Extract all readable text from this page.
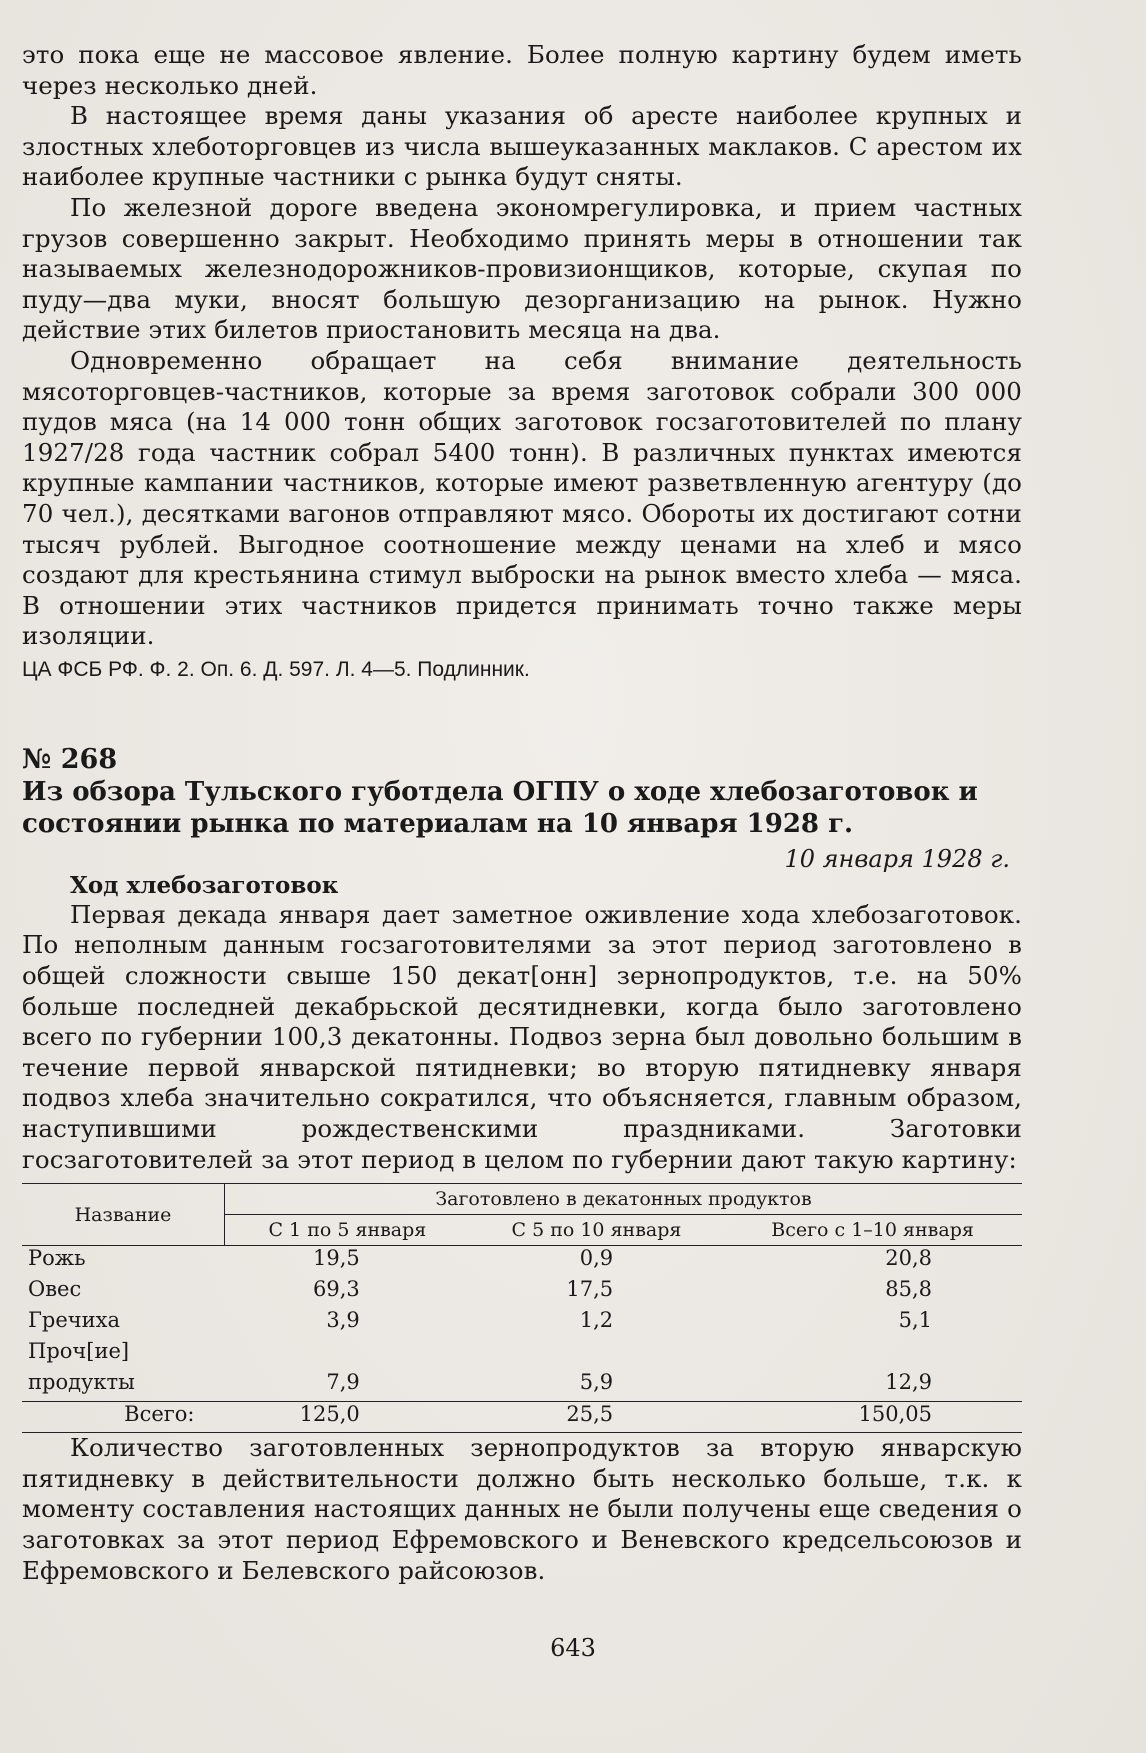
это пока еще не массовое явление. Более полную картину будем иметь через несколько дней.

В настоящее время даны указания об аресте наиболее крупных и злостных хлеботорговцев из числа вышеуказанных маклаков. С арестом их наиболее крупные частники с рынка будут сняты.

По железной дороге введена экономрегулировка, и прием частных грузов совершенно закрыт. Необходимо принять меры в отношении так называемых железнодорожников-провизионщиков, которые, скупая по пуду—два муки, вносят большую дезорганизацию на рынок. Нужно действие этих билетов приостановить месяца на два.

Одновременно обращает на себя внимание деятельность мясоторговцев-частников, которые за время заготовок собрали 300 000 пудов мяса (на 14 000 тонн общих заготовок госзаготовителей по плану 1927/28 года частник собрал 5400 тонн). В различных пунктах имеются крупные кампании частников, которые имеют разветвленную агентуру (до 70 чел.), десятками вагонов отправляют мясо. Обороты их достигают сотни тысяч рублей. Выгодное соотношение между ценами на хлеб и мясо создают для крестьянина стимул выброски на рынок вместо хлеба — мяса. В отношении этих частников придется принимать точно также меры изоляции.

ЦА ФСБ РФ. Ф. 2. Оп. 6. Д. 597. Л. 4—5. Подлинник.
№ 268
Из обзора Тульского губотдела ОГПУ о ходе хлебозаготовок и состоянии рынка по материалам на 10 января 1928 г.
10 января 1928 г.
Ход хлебозаготовок

Первая декада января дает заметное оживление хода хлебозаготовок. По неполным данным госзаготовителями за этот период заготовлено в общей сложности свыше 150 декат[онн] зернопродуктов, т.е. на 50% больше последней декабрьской десятидневки, когда было заготовлено всего по губернии 100,3 декатонны. Подвоз зерна был довольно большим в течение первой январской пятидневки; во вторую пятидневку января подвоз хлеба значительно сократился, что объясняется, главным образом, наступившими рождественскими праздниками. Заготовки госзаготовителей за этот период в целом по губернии дают такую картину:

Название	Заготовлено в декатонных продуктов		
	С 1 по 5 января	С 5 по 10 января	Всего с 1–10 января
Рожь	19,5	0,9	20,8
Овес	69,3	17,5	85,8
Гречиха	3,9	1,2	5,1
Проч[ие]			
продукты	7,9	5,9	12,9
Всего:	125,0	25,5	150,05

Количество заготовленных зернопродуктов за вторую январскую пятидневку в действительности должно быть несколько больше, т.к. к моменту составления настоящих данных не были получены еще сведения о заготовках за этот период Ефремовского и Веневского кредсельсоюзов и Ефремовского и Белевского райсоюзов.

643
